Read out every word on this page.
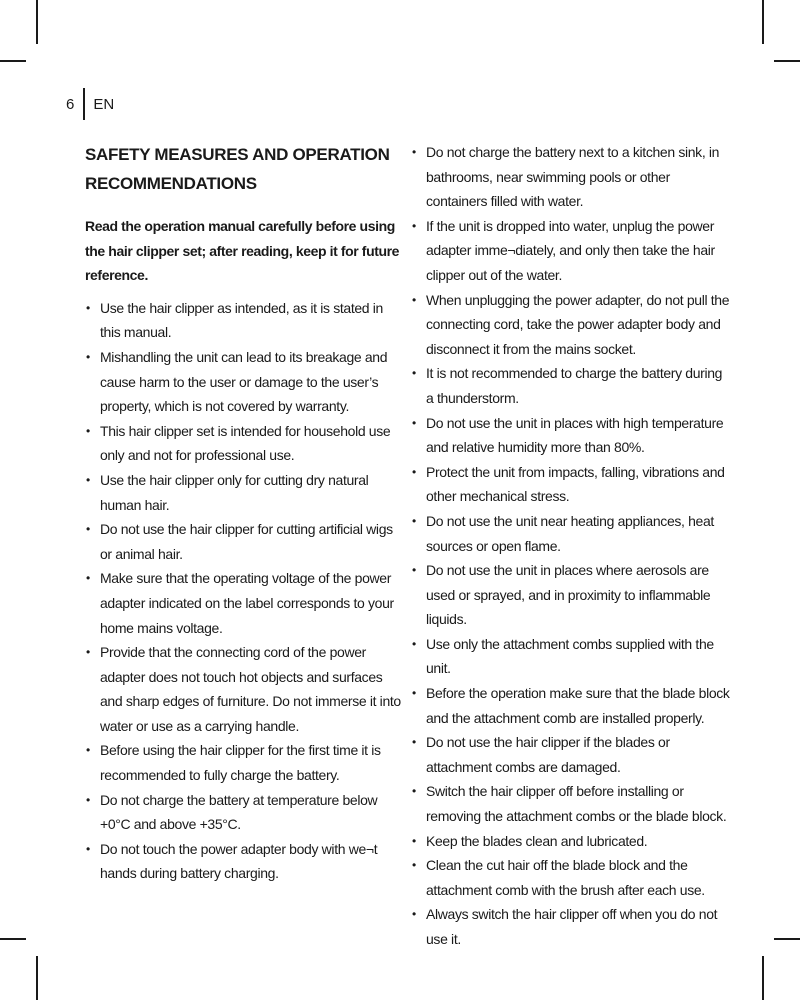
6 EN
SAFETY MEASURES AND OPERATION RECOMMENDATIONS

Read the operation manual carefully before using the hair clipper set; after reading, keep it for future reference.

• Use the hair clipper as intended, as it is stated in this manual.
• Mishandling the unit can lead to its breakage and cause harm to the user or damage to the user’s property, which is not covered by warranty.
• This hair clipper set is intended for household use only and not for professional use.
• Use the hair clipper only for cutting dry natural human hair.
• Do not use the hair clipper for cutting artificial wigs or animal hair.
• Make sure that the operating voltage of the power adapter indicated on the label corresponds to your home mains voltage.
• Provide that the connecting cord of the power adapter does not touch hot objects and surfaces and sharp edges of furniture. Do not immerse it into water or use as a carrying handle.
• Before using the hair clipper for the first time it is recommended to fully charge the battery.
• Do not charge the battery at temperature below +0°C and above +35°C.
• Do not touch the power adapter body with we¬t hands during battery charging.
• Do not charge the battery next to a kitchen sink, in bathrooms, near swimming pools or other containers filled with water.
• If the unit is dropped into water, unplug the power adapter imme¬diately, and only then take the hair clipper out of the water.
• When unplugging the power adapter, do not pull the connecting cord, take the power adapter body and disconnect it from the mains socket.
• It is not recommended to charge the battery during a thunderstorm.
• Do not use the unit in places with high temperature and relative humidity more than 80%.
• Protect the unit from impacts, falling, vibrations and other mechanical stress.
• Do not use the unit near heating appliances, heat sources or open flame.
• Do not use the unit in places where aerosols are used or sprayed, and in proximity to inflammable liquids.
• Use only the attachment combs supplied with the unit.
• Before the operation make sure that the blade block and the attachment comb are installed properly.
• Do not use the hair clipper if the blades or attachment combs are damaged.
• Switch the hair clipper off before installing or removing the attachment combs or the blade block.
• Keep the blades clean and lubricated.
• Clean the cut hair off the blade block and the attachment comb with the brush after each use.
• Always switch the hair clipper off when you do not use it.
